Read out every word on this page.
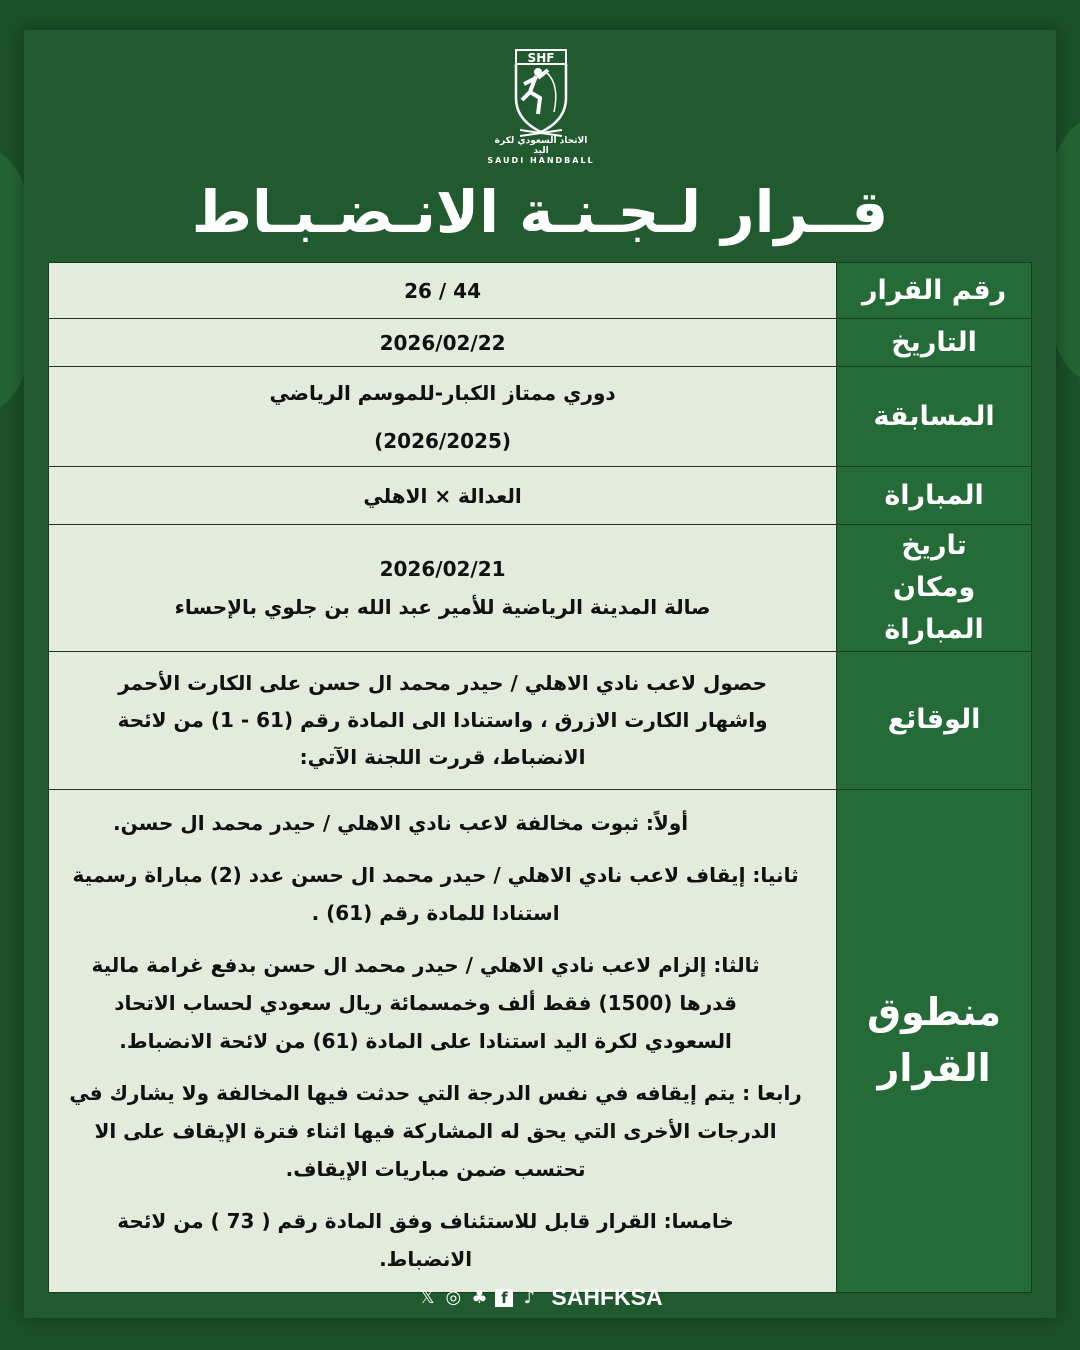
SHF
الاتحاد السعودي لكرة اليد
SAUDI HANDBALL
قــرار لـجـنـة الانـضـبـاط
رقم القرار	26 / 44
التاريخ	2026/02/22
المسابقة	دوري ممتاز الكبار-للموسم الرياضي
(2026/2025)

المباراة	العدالة × الاهلي
تاريخ ومكان المباراة	2026/02/21
صالة المدينة الرياضية للأمير عبد الله بن جلوي بالإحساء

الوقائع	حصول لاعب نادي الاهلي / حيدر محمد ال حسن على الكارت الأحمر واشهار الكارت الازرق ، واستنادا الى المادة رقم (61 - 1) من لائحة الانضباط، قررت اللجنة الآتي:
منطوق القرار	أولاً: ثبوت مخالفة لاعب نادي الاهلي / حيدر محمد ال حسن.

ثانيا: إيقاف لاعب نادي الاهلي / حيدر محمد ال حسن عدد (2) مباراة رسمية استنادا للمادة رقم (61) .

ثالثا: إلزام لاعب نادي الاهلي / حيدر محمد ال حسن بدفع غرامة مالية قدرها (1500) فقط ألف وخمسمائة ريال سعودي لحساب الاتحاد السعودي لكرة اليد استنادا على المادة (61) من لائحة الانضباط.

رابعا : يتم إيقافه في نفس الدرجة التي حدثت فيها المخالفة ولا يشارك في الدرجات الأخرى التي يحق له المشاركة فيها اثناء فترة الإيقاف على الا تحتسب ضمن مباريات الإيقاف.

خامسا: القرار قابل للاستئناف وفق المادة رقم ( 73 ) من لائحة الانضباط.

𝕏 ◎ ♣ f ♪ SAHFKSA
